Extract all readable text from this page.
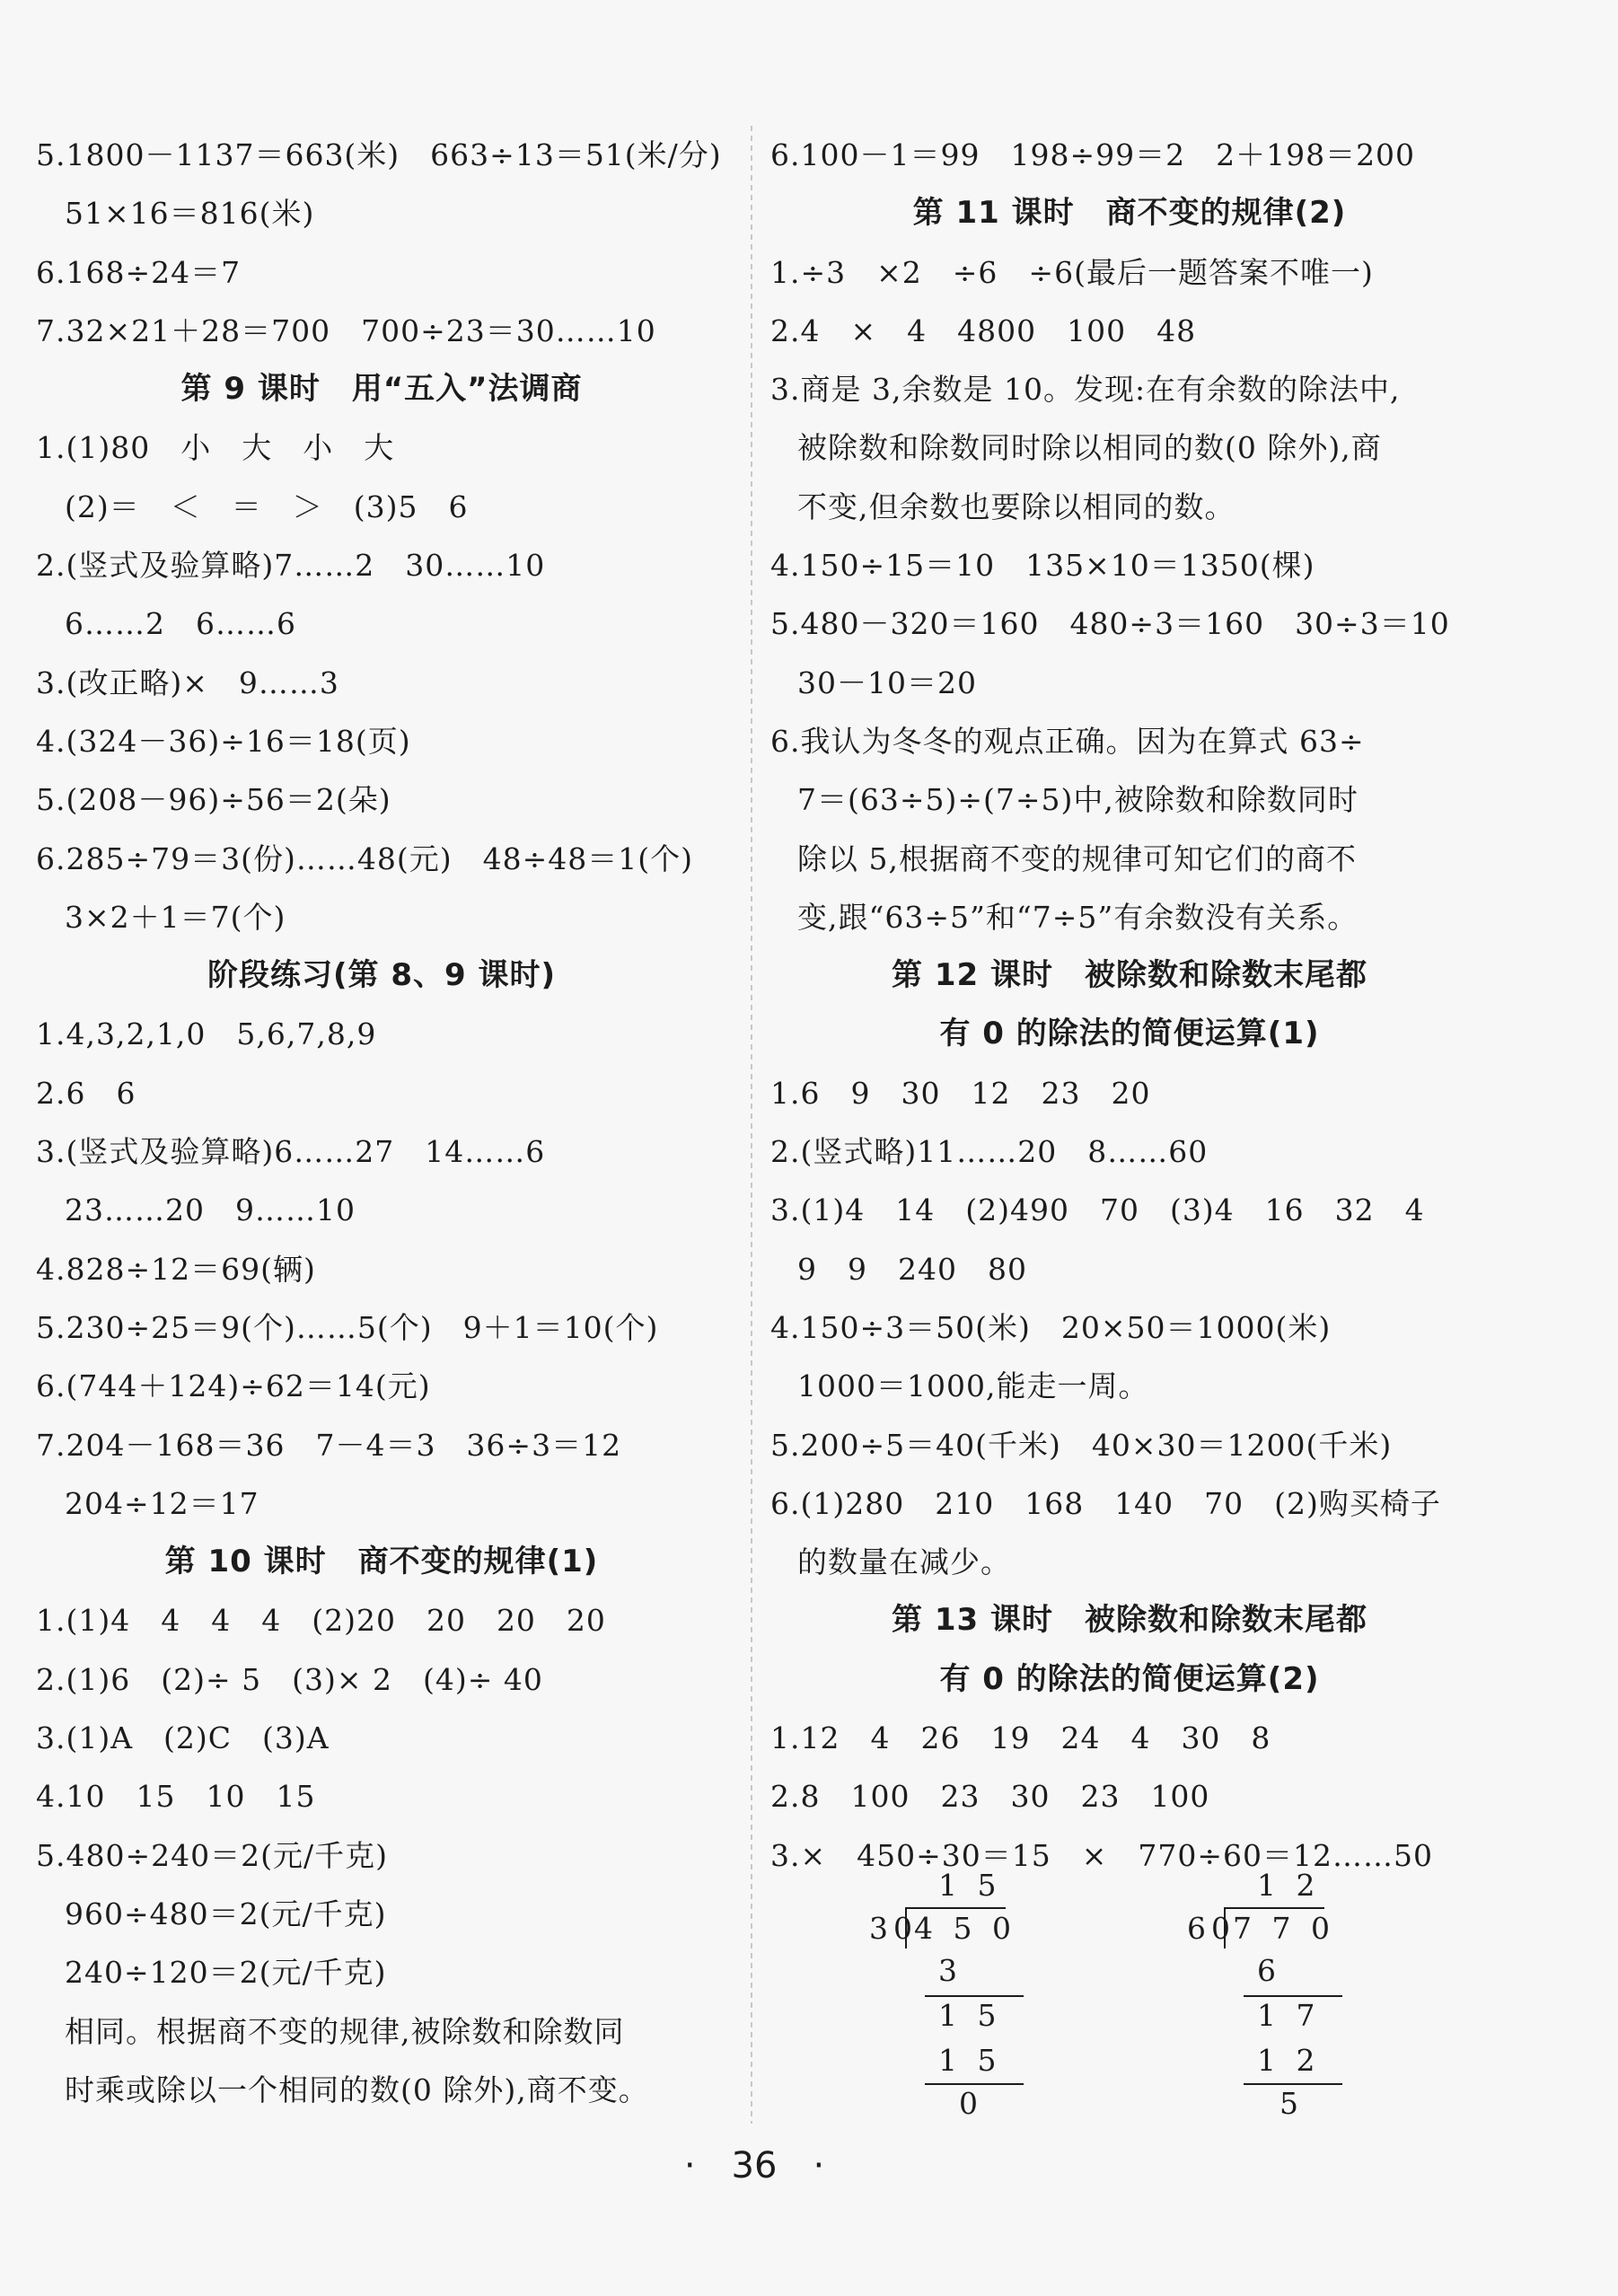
5.1800－1137＝663(米)　663÷13＝51(米/分)
51×16＝816(米)
6.168÷24＝7
7.32×21＋28＝700　700÷23＝30……10
第 9 课时　用“五入”法调商
1.(1)80　小　大　小　大
(2)＝　＜　＝　＞　(3)5　6
2.(竖式及验算略)7……2　30……10
6……2　6……6
3.(改正略)×　9……3
4.(324－36)÷16＝18(页)
5.(208－96)÷56＝2(朵)
6.285÷79＝3(份)……48(元)　48÷48＝1(个)
3×2＋1＝7(个)
阶段练习(第 8、9 课时)
1.4,3,2,1,0　5,6,7,8,9
2.6　6
3.(竖式及验算略)6……27　14……6
23……20　9……10
4.828÷12＝69(辆)
5.230÷25＝9(个)……5(个)　9＋1＝10(个)
6.(744＋124)÷62＝14(元)
7.204－168＝36　7－4＝3　36÷3＝12
204÷12＝17
第 10 课时　商不变的规律(1)
1.(1)4　4　4　4　(2)20　20　20　20
2.(1)6　(2)÷ 5　(3)× 2　(4)÷ 40
3.(1)A　(2)C　(3)A
4.10　15　10　15
5.480÷240＝2(元/千克)
960÷480＝2(元/千克)
240÷120＝2(元/千克)
相同。根据商不变的规律,被除数和除数同
时乘或除以一个相同的数(0 除外),商不变。
6.100－1＝99　198÷99＝2　2＋198＝200
第 11 课时　商不变的规律(2)
1.÷3　×2　÷6　÷6(最后一题答案不唯一)
2.4　×　4　4800　100　48
3.商是 3,余数是 10。发现:在有余数的除法中,
被除数和除数同时除以相同的数(0 除外),商
不变,但余数也要除以相同的数。
4.150÷15＝10　135×10＝1350(棵)
5.480－320＝160　480÷3＝160　30÷3＝10
30－10＝20
6.我认为冬冬的观点正确。因为在算式 63÷
7＝(63÷5)÷(7÷5)中,被除数和除数同时
除以 5,根据商不变的规律可知它们的商不
变,跟“63÷5”和“7÷5”有余数没有关系。
第 12 课时　被除数和除数末尾都
有 0 的除法的简便运算(1)
1.6　9　30　12　23　20
2.(竖式略)11……20　8……60
3.(1)4　14　(2)490　70　(3)4　16　32　4
9　9　240　80
4.150÷3＝50(米)　20×50＝1000(米)
1000＝1000,能走一周。
5.200÷5＝40(千米)　40×30＝1200(千米)
6.(1)280　210　168　140　70　(2)购买椅子
的数量在减少。
第 13 课时　被除数和除数末尾都
有 0 的除法的简便运算(2)
1.12　4　26　19　24　4　30　8
2.8　100　23　30　23　100
3.×　450÷30＝15　×　770÷60＝12……50
1 5
30
4 5 0
3
1 5
1 5
0
1 2
60
7 7 0
6
1 7
1 2
5
·　36　·
